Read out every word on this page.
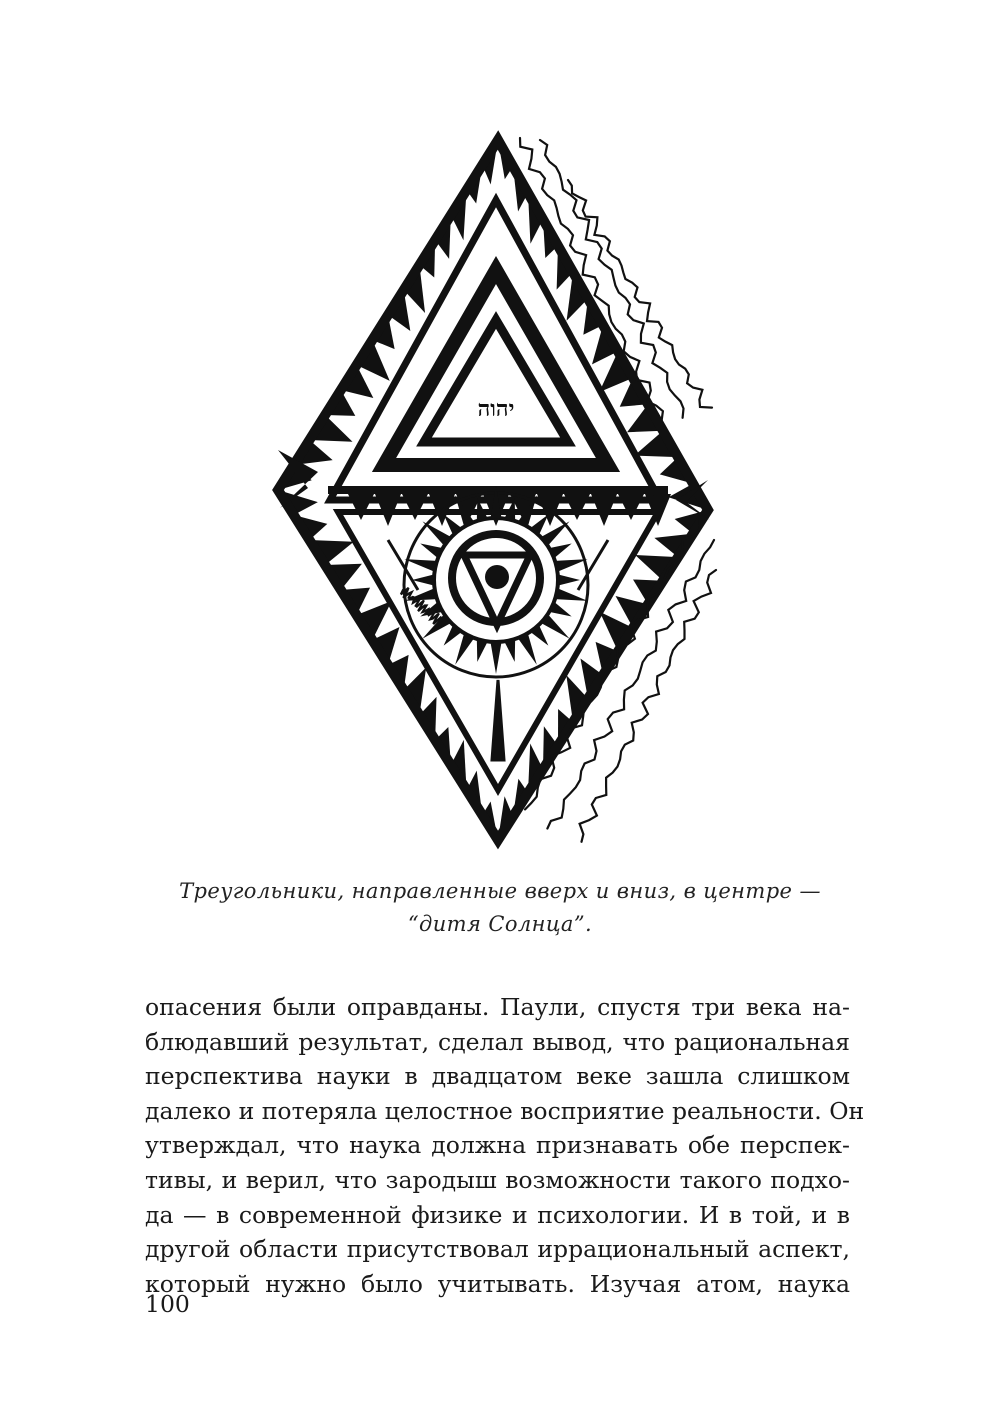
יהוה
Треугольники, направленные вверх и вниз, в центре —
“дитя Солнца”.
опасения были оправданы. Паули, спустя три века на-
блюдавший результат, сделал вывод, что рациональная
перспектива науки в двадцатом веке зашла слишком
далеко и потеряла целостное восприятие реальности. Он
утверждал, что наука должна признавать обе перспек-
тивы, и верил, что зародыш возможности такого подхо-
да — в современной физике и психологии. И в той, и в
другой области присутствовал иррациональный аспект,
который нужно было учитывать. Изучая атом, наука
100
